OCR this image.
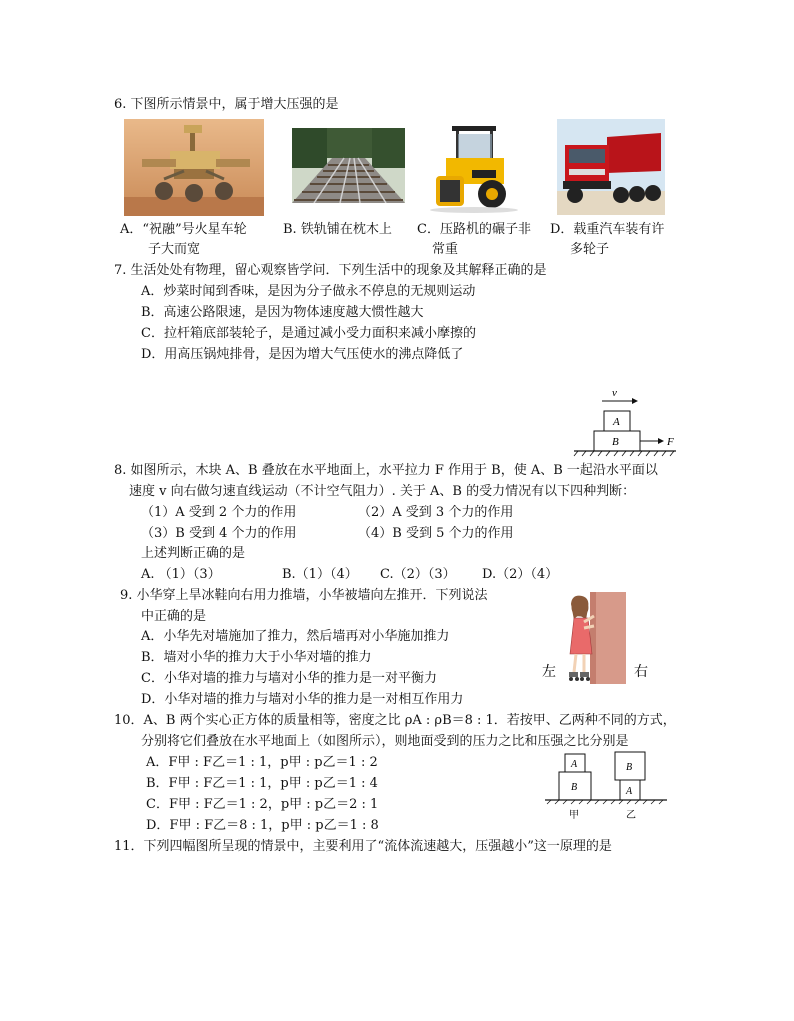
6. 下图所示情景中，属于增大压强的是
A．“祝融”号火星车轮
子大而宽
B. 铁轨铺在枕木上 C．压路机的碾子非
常重
D．载重汽车装有许
多轮子
7. 生活处处有物理，留心观察皆学问．下列生活中的现象及其解释正确的是
A．炒菜时闻到香味，是因为分子做永不停息的无规则运动
B．高速公路限速，是因为物体速度越大惯性越大
C．拉杆箱底部装轮子，是通过减小受力面积来减小摩擦的
D．用高压锅炖排骨，是因为增大气压使水的沸点降低了
v
A
B	F
8. 如图所示，木块 A、B 叠放在水平地面上，水平拉力 F 作用于 B，使 A、B 一起沿水平面以
速度 v 向右做匀速直线运动（不计空气阻力）. 关于 A、B 的受力情况有以下四种判断：
（1）A 受到 2 个力的作用	（2）A 受到 3 个力的作用
（3）B 受到 4 个力的作用	（4）B 受到 5 个力的作用
上述判断正确的是
A. （1）（3）	B.（1）（4） C.（2）（3） D.（2）（4）
9. 小华穿上旱冰鞋向右用力推墙，小华被墙向左推开．下列说法
中正确的是
A．小华先对墙施加了推力，然后墙再对小华施加推力
B．墙对小华的推力大于小华对墙的推力
C．小华对墙的推力与墙对小华的推力是一对平衡力
D．小华对墙的推力与墙对小华的推力是一对相互作用力
左	右
10．A、B 两个实心正方体的质量相等，密度之比 ρA : ρB＝8 : 1．若按甲、乙两种不同的方式，
分别将它们叠放在水平地面上（如图所示），则地面受到的压力之比和压强之比分别是
A．F甲 : F乙＝1 : 1，p甲 : p乙＝1 : 2
B．F甲 : F乙＝1 : 1，p甲 : p乙＝1 : 4
C．F甲 : F乙＝1 : 2，p甲 : p乙＝2 : 1
D．F甲 : F乙＝8 : 1，p甲 : p乙＝1 : 8
A
B
B
A
甲	乙
11．下列四幅图所呈现的情景中，主要利用了“流体流速越大，压强越小”这一原理的是
